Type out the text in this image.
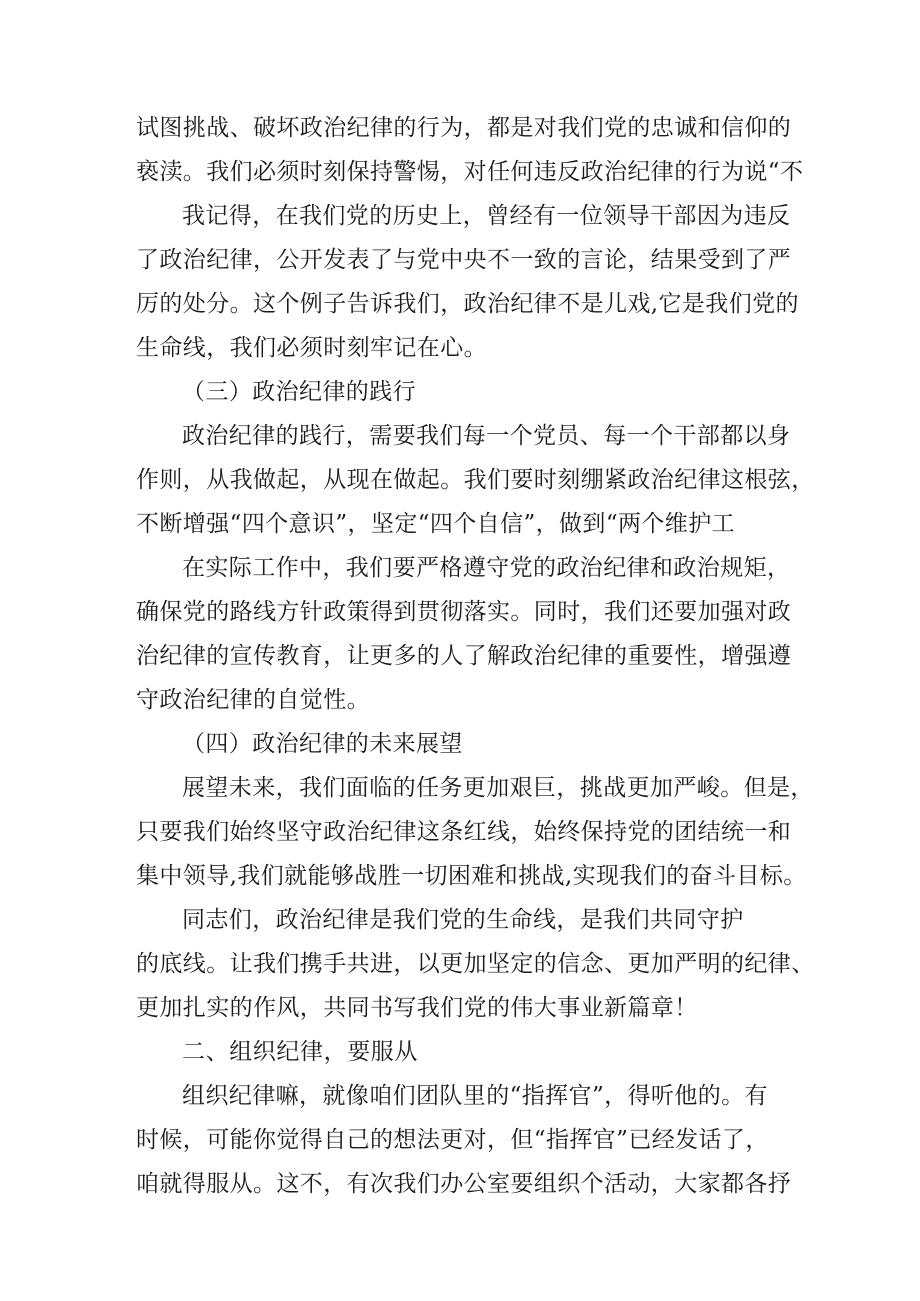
试图挑战、破坏政治纪律的行为，都是对我们党的忠诚和信仰的
亵渎。我们必须时刻保持警惕，对任何违反政治纪律的行为说“不
我记得，在我们党的历史上，曾经有一位领导干部因为违反
了政治纪律，公开发表了与党中央不一致的言论，结果受到了严
厉的处分。这个例子告诉我们，政治纪律不是儿戏,它是我们党的
生命线，我们必须时刻牢记在心。
（三）政治纪律的践行
政治纪律的践行，需要我们每一个党员、每一个干部都以身
作则，从我做起，从现在做起。我们要时刻绷紧政治纪律这根弦，
不断增强“四个意识”，坚定“四个自信”，做到“两个维护工
在实际工作中，我们要严格遵守党的政治纪律和政治规矩，
确保党的路线方针政策得到贯彻落实。同时，我们还要加强对政
治纪律的宣传教育，让更多的人了解政治纪律的重要性，增强遵
守政治纪律的自觉性。
（四）政治纪律的未来展望
展望未来，我们面临的任务更加艰巨，挑战更加严峻。但是，
只要我们始终坚守政治纪律这条红线，始终保持党的团结统一和
集中领导,我们就能够战胜一切困难和挑战,实现我们的奋斗目标。
同志们，政治纪律是我们党的生命线，是我们共同守护
的底线。让我们携手共进，以更加坚定的信念、更加严明的纪律、
更加扎实的作风，共同书写我们党的伟大事业新篇章！
二、组织纪律，要服从
组织纪律嘛，就像咱们团队里的“指挥官”，得听他的。有
时候，可能你觉得自己的想法更对，但“指挥官”已经发话了，
咱就得服从。这不，有次我们办公室要组织个活动，大家都各抒
